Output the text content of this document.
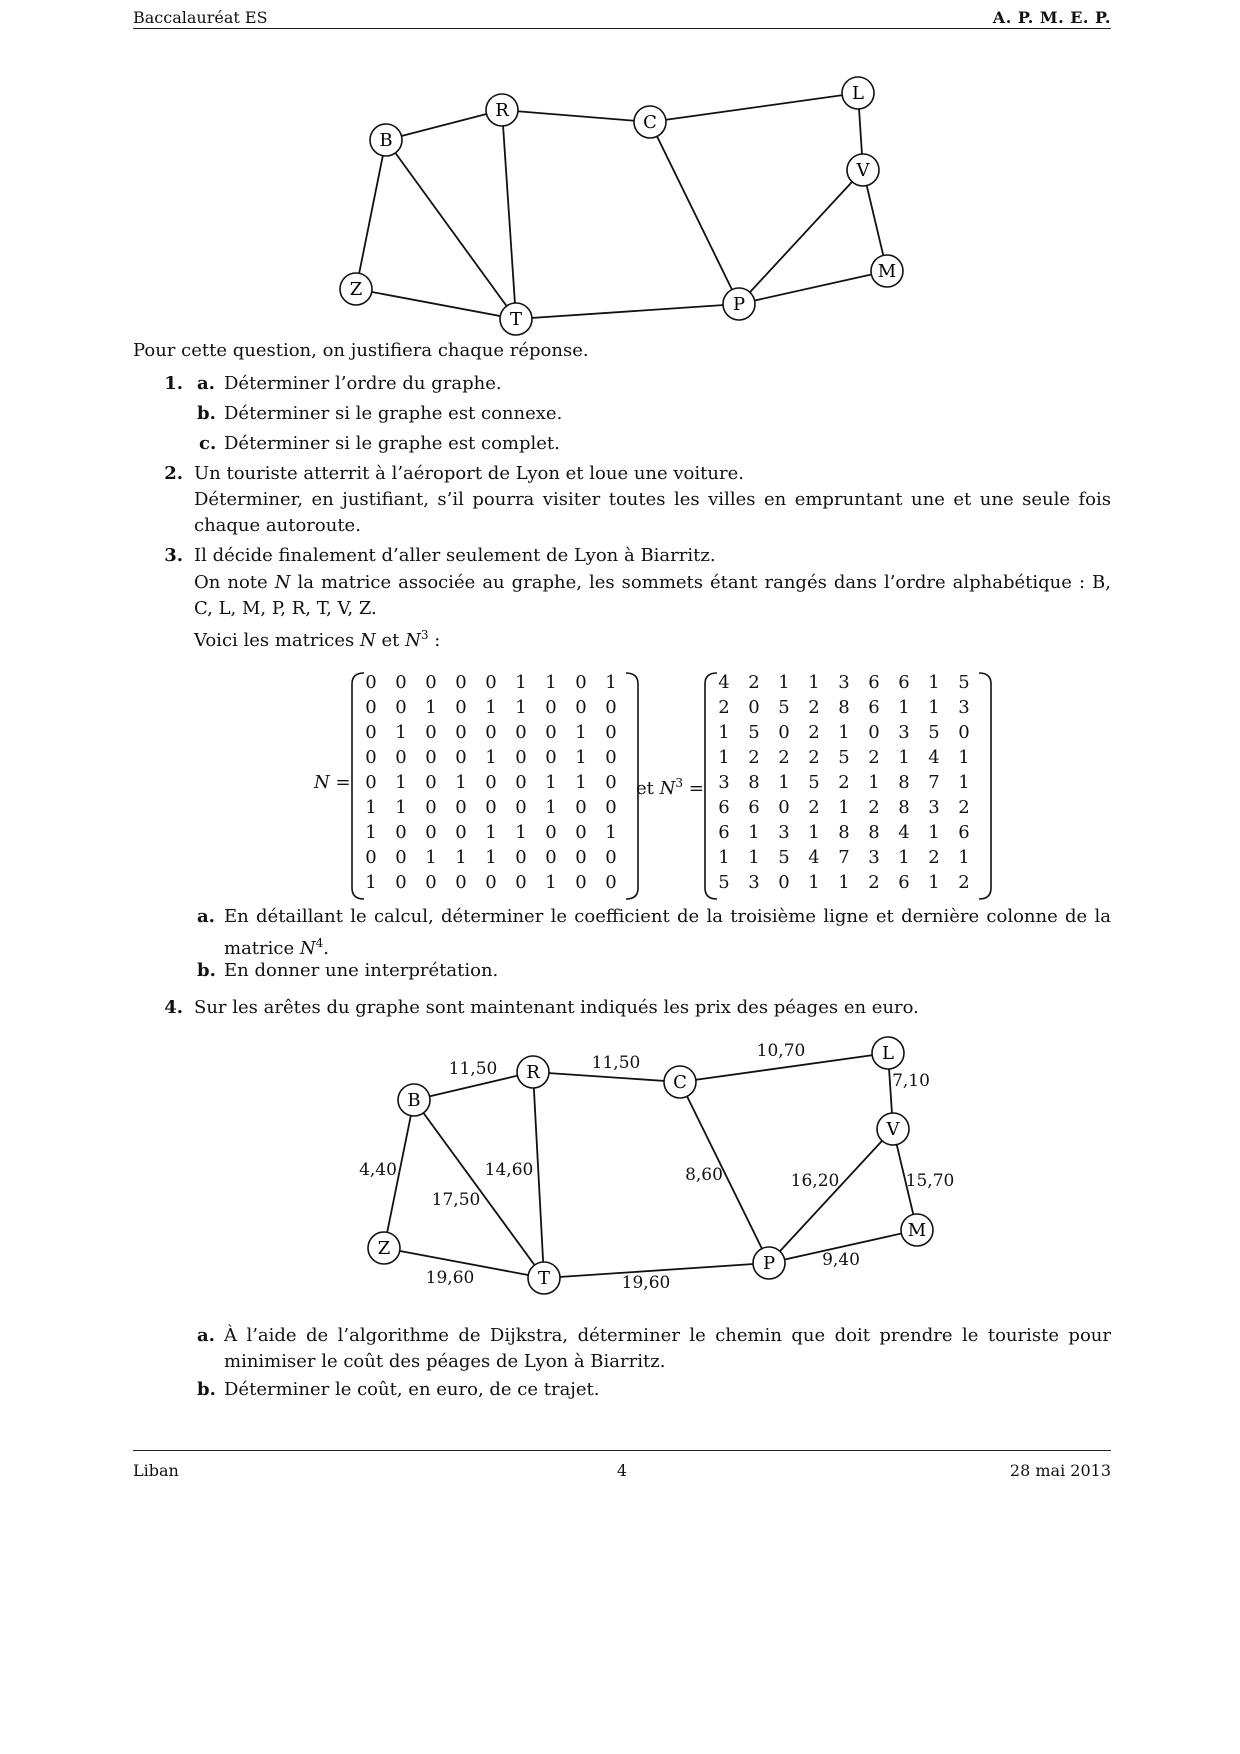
Baccalauréat ES	A. P. M. E. P.
B
R
C
L
V
M
Z
T
P
Pour cette question, on justifiera chaque réponse.
1. a. Déterminer l’ordre du graphe.
b. Déterminer si le graphe est connexe.
c. Déterminer si le graphe est complet.
2. Un touriste atterrit à l’aéroport de Lyon et loue une voiture.
Déterminer, en justifiant, s’il pourra visiter toutes les villes en empruntant une et une seule fois chaque autoroute.
3. Il décide finalement d’aller seulement de Lyon à Biarritz.
On note N la matrice associée au graphe, les sommets étant rangés dans l’ordre alphabétique : B, C, L, M, P, R, T, V, Z.
Voici les matrices N et $N^3$ :
N =
0	0	0	0	0	1	1	0	1
0	0	1	0	1	1	0	0	0
0	1	0	0	0	0	0	1	0
0	0	0	0	1	0	0	1	0
0	1	0	1	0	0	1	1	0
1	1	0	0	0	0	1	0	0
1	0	0	0	1	1	0	0	1
0	0	1	1	1	0	0	0	0
1	0	0	0	0	0	1	0	0
et $N^3$ =
4	2	1	1	3	6	6	1	5
2	0	5	2	8	6	1	1	3
1	5	0	2	1	0	3	5	0
1	2	2	2	5	2	1	4	1
3	8	1	5	2	1	8	7	1
6	6	0	2	1	2	8	3	2
6	1	3	1	8	8	4	1	6
1	1	5	4	7	3	1	2	1
5	3	0	1	1	2	6	1	2
a. En détaillant le calcul, déterminer le coefficient de la troisième ligne et dernière colonne de la matrice $N^4$.
b. En donner une interprétation.
4. Sur les arêtes du graphe sont maintenant indiqués les prix des péages en euro.
B
R	C
L
V
M
Z
T
P
11,50	11,50
10,70
7,10
4,40	14,60
17,50
8,60	16,20	15,70
19,60	19,60
9,40
a. À l’aide de l’algorithme de Dijkstra, déterminer le chemin que doit prendre le touriste pour minimiser le coût des péages de Lyon à Biarritz.
b. Déterminer le coût, en euro, de ce trajet.
Liban	4	28 mai 2013
